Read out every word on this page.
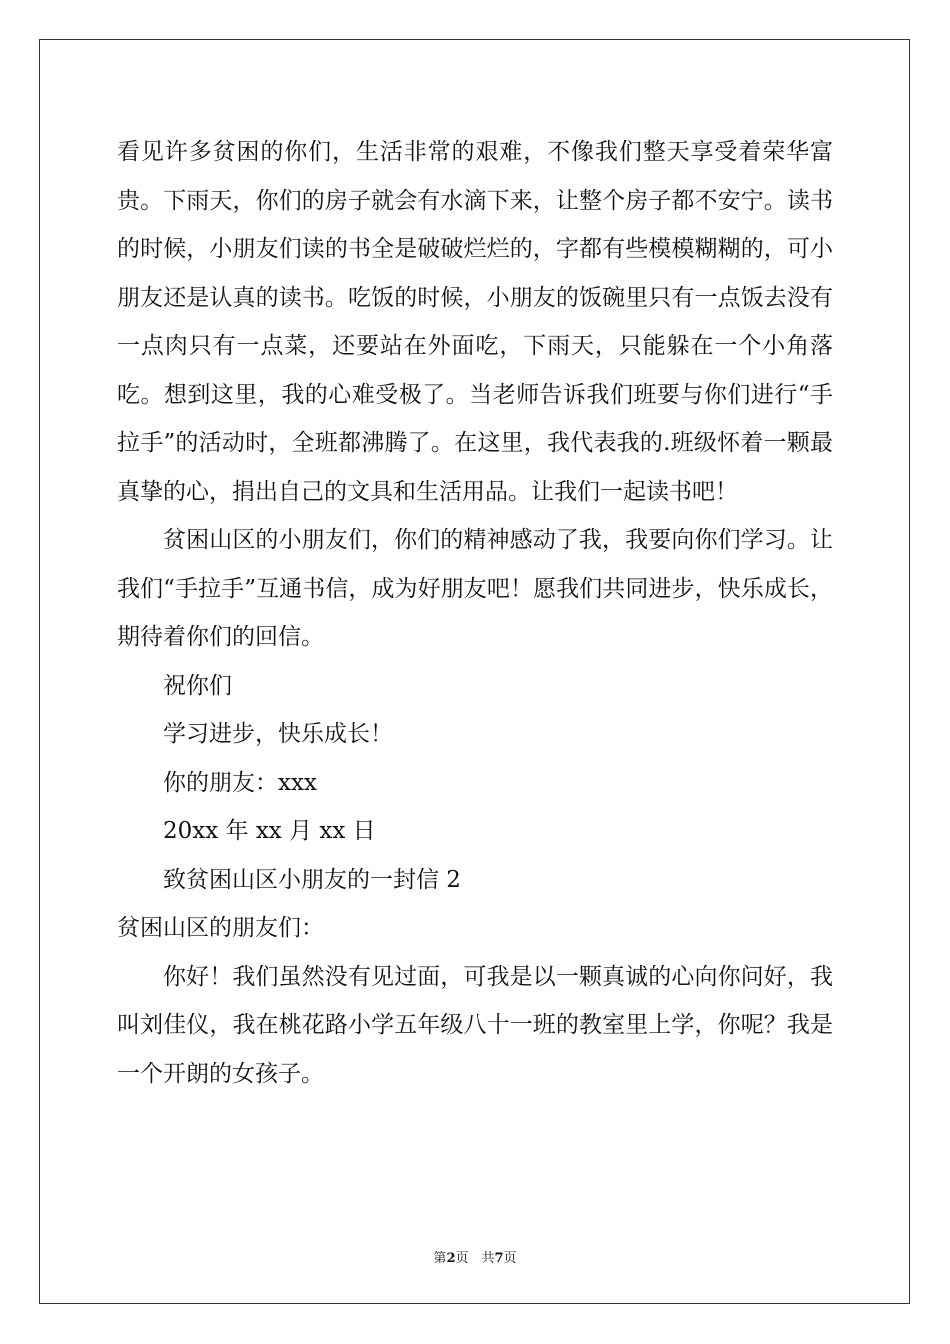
看见许多贫困的你们，生活非常的艰难，不像我们整天享受着荣华富贵。下雨天，你们的房子就会有水滴下来，让整个房子都不安宁。读书的时候，小朋友们读的书全是破破烂烂的，字都有些模模糊糊的，可小朋友还是认真的读书。吃饭的时候，小朋友的饭碗里只有一点饭去没有一点肉只有一点菜，还要站在外面吃，下雨天，只能躲在一个小角落吃。想到这里，我的心难受极了。当老师告诉我们班要与你们进行“手拉手”的活动时，全班都沸腾了。在这里，我代表我的.班级怀着一颗最真挚的心，捐出自己的文具和生活用品。让我们一起读书吧！

贫困山区的小朋友们，你们的精神感动了我，我要向你们学习。让我们“手拉手”互通书信，成为好朋友吧！愿我们共同进步，快乐成长，期待着你们的回信。

祝你们

学习进步，快乐成长！

你的朋友：xxx

20xx 年 xx 月 xx 日

致贫困山区小朋友的一封信 2

贫困山区的朋友们：

你好！我们虽然没有见过面，可我是以一颗真诚的心向你问好，我叫刘佳仪，我在桃花路小学五年级八十一班的教室里上学，你呢？我是一个开朗的女孩子。

第2页　共7页
